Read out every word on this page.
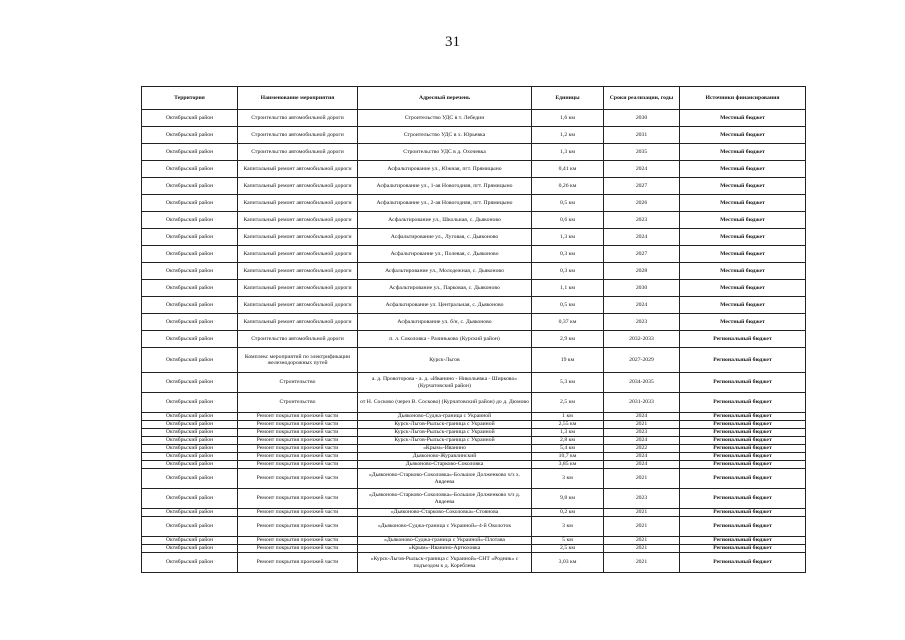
31
Территория	Наименование мероприятия	Адресный перечень	Единицы	Сроки реализации, годы	Источники финансирования
Октябрьский район	Строительство автомобильной дороги	Строительство УДС в т. Лебедин	1,6 км	2030	Местный бюджет
Октябрьский район	Строительство автомобильной дороги	Строительство УДС в х. Юрьевка	1,2 км	2031	Местный бюджет
Октябрьский район	Строительство автомобильной дороги	Строительство УДС в д. Охочевка	1,3 км	2035	Местный бюджет
Октябрьский район	Капитальный ремонт автомобильной дороги	Асфальтирование ул., Южная, пгт. Прямицыно	0,41 км	2024	Местный бюджет
Октябрьский район	Капитальный ремонт автомобильной дороги	Асфальтирование ул., 1-ая Новогодняя, пгт. Прямицыно	0,26 км	2027	Местный бюджет
Октябрьский район	Капитальный ремонт автомобильной дороги	Асфальтирование ул., 2-ая Новогодняя, пгт. Прямицыно	0,5 км	2026	Местный бюджет
Октябрьский район	Капитальный ремонт автомобильной дороги	Асфальтирование ул., Школьная, с. Дьяконово	0,6 км	2023	Местный бюджет
Октябрьский район	Капитальный ремонт автомобильной дороги	Асфальтирование ул., Луговая, с. Дьяконово	1,3 км	2024	Местный бюджет
Октябрьский район	Капитальный ремонт автомобильной дороги	Асфальтирование ул., Полевая, с. Дьяконово	0,3 км	2027	Местный бюджет
Октябрьский район	Капитальный ремонт автомобильной дороги	Асфальтирование ул., Молодежная, с. Дьяконово	0,3 км	2028	Местный бюджет
Октябрьский район	Капитальный ремонт автомобильной дороги	Асфальтирование ул., Парковая, с. Дьяконово	1,1 км	2030	Местный бюджет
Октябрьский район	Капитальный ремонт автомобильной дороги	Асфальтирование ул. Центральная, с. Дьяконово	0,5 км	2024	Местный бюджет
Октябрьский район	Капитальный ремонт автомобильной дороги	Асфальтирование ул. б/н, с. Дьяконово	0,37 км	2023	Местный бюджет
Октябрьский район	Строительство автомобильной дороги	п. л. Соколовка - Разиньково (Курский район)	2,9 км	2032-2033	Региональный бюджет
Октябрьский район	Комплекс мероприятий по электрификации железнодорожных путей	Курск-Льгов	19 км	2027-2029	Региональный бюджет
Октябрьский район	Строительство	а. д. Провоторова - а. д. «Иванино - Никольевка - Ширково» (Курчатовский район)	5,3 км	2034-2035	Региональный бюджет
Октябрьский район	Строительство	от Н. Сосково (через В. Сосково) (Курчатовский район) до д. Дюмово	2,5 км	2031-2033	Региональный бюджет
Октябрьский район	Ремонт покрытия проезжей части	Дьяконово-Суджа-граница с Украиной	1 км	2024	Региональный бюджет
Октябрьский район	Ремонт покрытия проезжей части	Курск-Льгов-Рыльск-граница с Украиной	2,55 км	2021	Региональный бюджет
Октябрьский район	Ремонт покрытия проезжей части	Курск-Льгов-Рыльск-граница с Украиной	1,3 км	2023	Региональный бюджет
Октябрьский район	Ремонт покрытия проезжей части	Курск-Льгов-Рыльск-граница с Украиной	2,8 км	2024	Региональный бюджет
Октябрьский район	Ремонт покрытия проезжей части	«Крым»-Иванино	5,4 км	2022	Региональный бюджет
Октябрьский район	Ремонт покрытия проезжей части	Дьяконово-Журавлинский	10,7 км	2024	Региональный бюджет
Октябрьский район	Ремонт покрытия проезжей части	Дьяконово-Старково-Соколовка	3,85 км	2024	Региональный бюджет
Октябрьский район	Ремонт покрытия проезжей части	«Дьяконово-Старково-Соколовка»-Большое Долженково ч/з х. Авдеева	3 км	2021	Региональный бюджет
Октябрьский район	Ремонт покрытия проезжей части	«Дьяконово-Старково-Соколовка»-Большое Долженково ч/з д. Авдеева	9,8 км	2023	Региональный бюджет
Октябрьский район	Ремонт покрытия проезжей части	«Дьяконово-Старково-Соколовка»-Стоянова	0,2 км	2021	Региональный бюджет
Октябрьский район	Ремонт покрытия проезжей части	«Дьяконово-Суджа-граница с Украиной»-4-й Околоток	3 км	2021	Региональный бюджет
Октябрьский район	Ремонт покрытия проезжей части	«Дьяконово-Суджа-граница с Украиной»-Плотава	5 км	2021	Региональный бюджет
Октябрьский район	Ремонт покрытия проезжей части	«Крым»-Иванино-Артюховка	2,5 км	2021	Региональный бюджет
Октябрьский район	Ремонт покрытия проезжей части	«Курск-Льгов-Рыльск-граница с Украиной»-СНТ «Родник» с подъездом к д. Кореблева	3,03 км	2021	Региональный бюджет
